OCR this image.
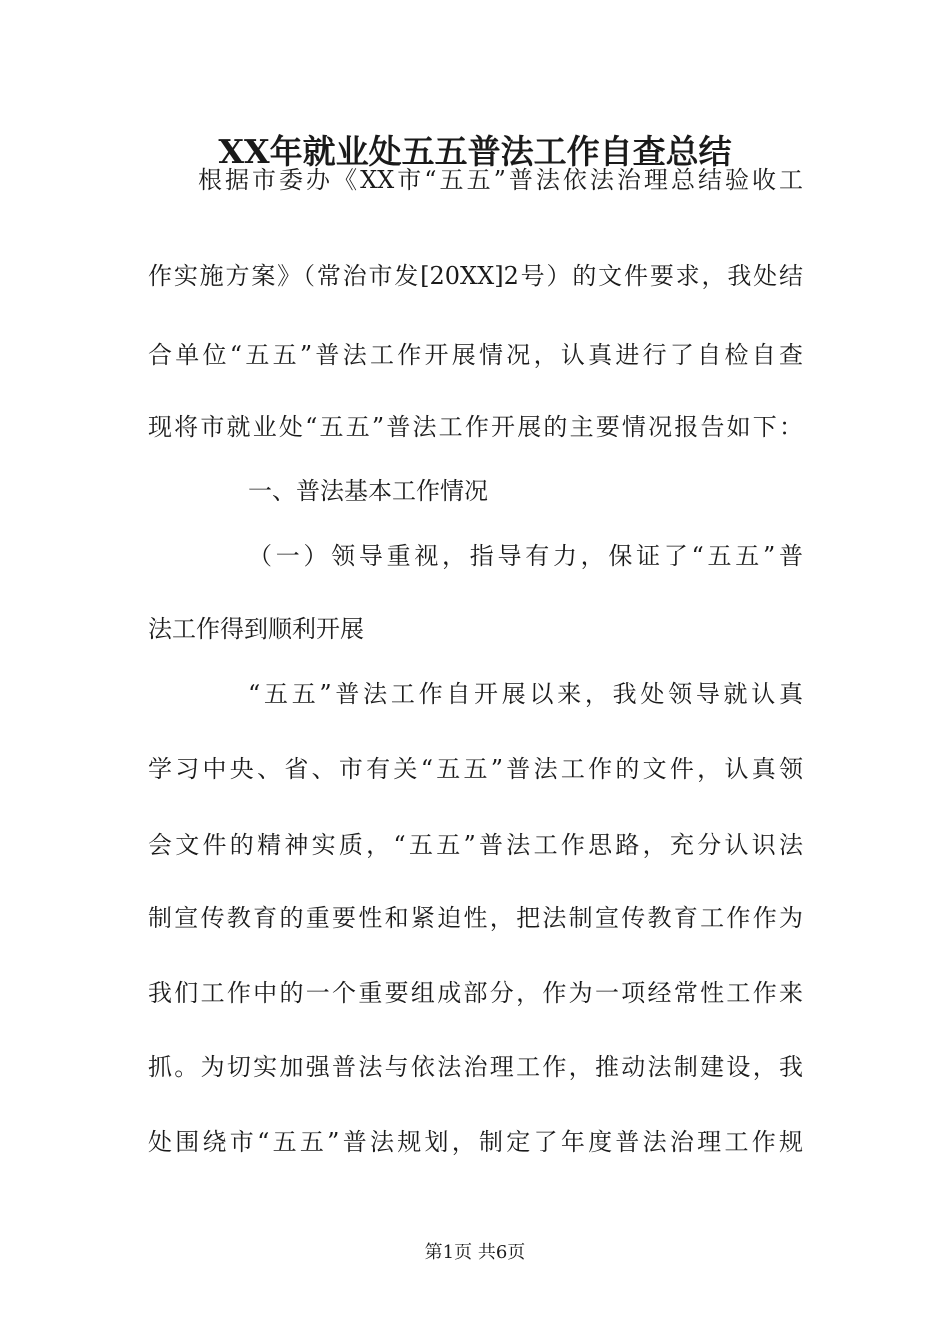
XX年就业处五五普法工作自查总结

根据市委办《XX市“五五”普法依法治理总结验收工

作实施方案》（常治市发[20XX]2号）的文件要求，我处结

合单位“五五”普法工作开展情况，认真进行了自检自查

现将市就业处“五五”普法工作开展的主要情况报告如下：

一、普法基本工作情况

（一）领导重视，指导有力，保证了“五五”普

法工作得到顺利开展

“五五”普法工作自开展以来，我处领导就认真

学习中央、省、市有关“五五”普法工作的文件，认真领

会文件的精神实质，“五五”普法工作思路，充分认识法

制宣传教育的重要性和紧迫性，把法制宣传教育工作作为

我们工作中的一个重要组成部分，作为一项经常性工作来

抓。为切实加强普法与依法治理工作，推动法制建设，我

处围绕市“五五”普法规划，制定了年度普法治理工作规

第1页 共6页
